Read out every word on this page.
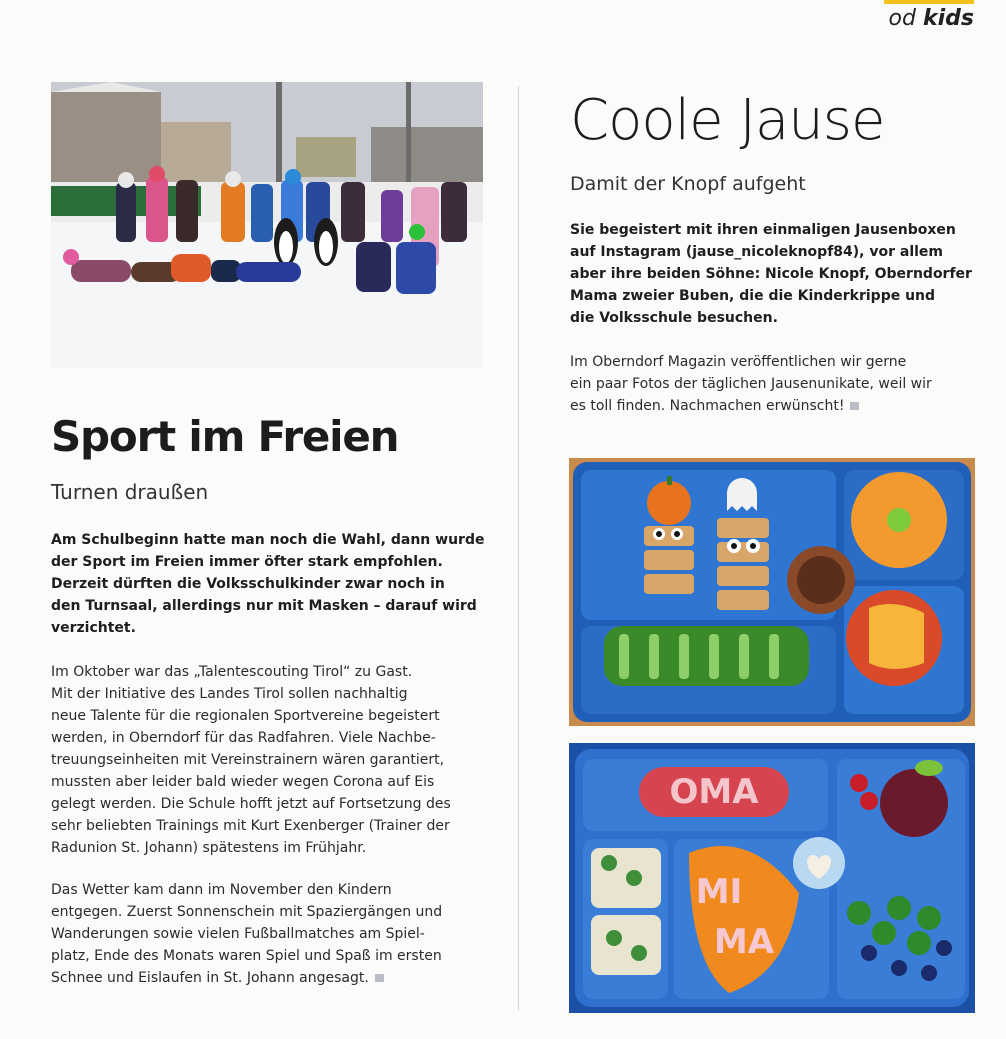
od kids
Sport im Freien
Turnen draußen
Am Schulbeginn hatte man noch die Wahl, dann wurde
der Sport im Freien immer öfter stark empfohlen.
Derzeit dürften die Volksschulkinder zwar noch in
den Turnsaal, allerdings nur mit Masken – darauf wird
verzichtet.
Im Oktober war das „Talentescouting Tirol“ zu Gast.
Mit der Initiative des Landes Tirol sollen nachhaltig
neue Talente für die regionalen Sportvereine begeistert
werden, in Oberndorf für das Radfahren. Viele Nachbe-
treuungseinheiten mit Vereinstrainern wären garantiert,
mussten aber leider bald wieder wegen Corona auf Eis
gelegt werden. Die Schule hofft jetzt auf Fortsetzung des
sehr beliebten Trainings mit Kurt Exenberger (Trainer der
Radunion St. Johann) spätestens im Frühjahr.
Das Wetter kam dann im November den Kindern
entgegen. Zuerst Sonnenschein mit Spaziergängen und
Wanderungen sowie vielen Fußballmatches am Spiel-
platz, Ende des Monats waren Spiel und Spaß im ersten
Schnee und Eislaufen in St. Johann angesagt.
Coole Jause
Damit der Knopf aufgeht
Sie begeistert mit ihren einmaligen Jausenboxen
auf Instagram (jause_nicoleknopf84), vor allem
aber ihre beiden Söhne: Nicole Knopf, Oberndorfer
Mama zweier Buben, die die Kinderkrippe und
die Volksschule besuchen.
Im Oberndorf Magazin veröffentlichen wir gerne
ein paar Fotos der täglichen Jausenunikate, weil wir
es toll finden. Nachmachen erwünscht!
OMA
MI
MA
